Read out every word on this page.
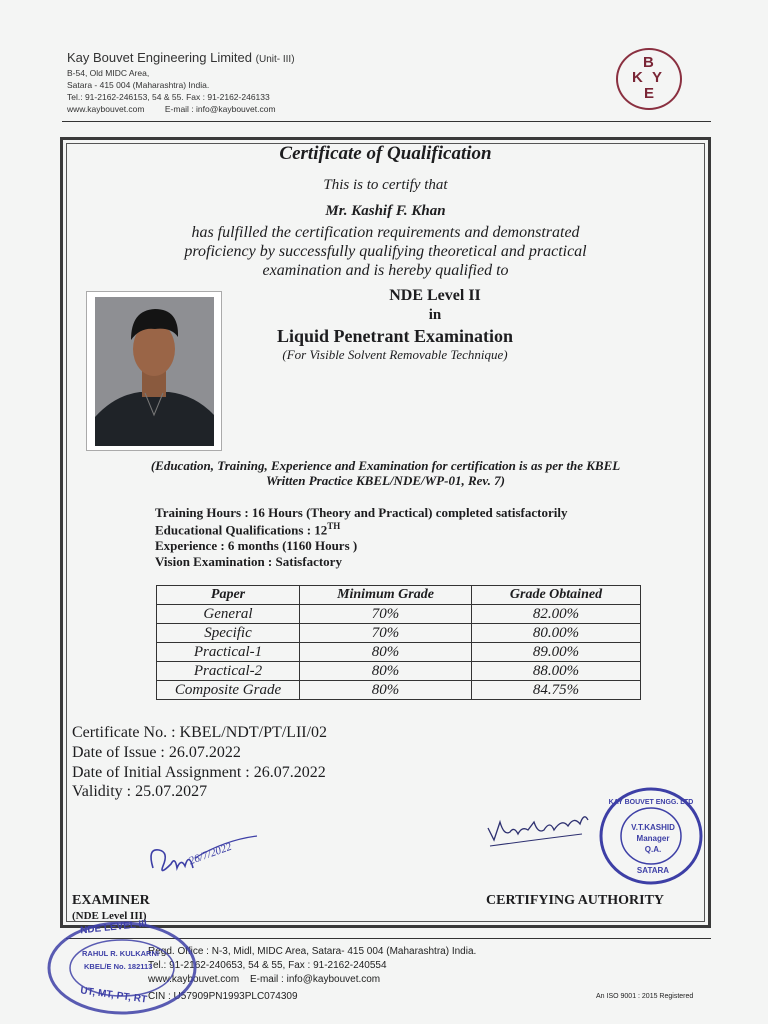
Kay Bouvet Engineering Limited (Unit- III)
B-54, Old MIDC Area,
Satara - 415 004 (Maharashtra) India.
Tel.: 91-2162-246153, 54 & 55. Fax : 91-2162-246133
www.kaybouvet.com E-mail : info@kaybouvet.com
B
K Y
E
Certificate of Qualification
This is to certify that
Mr. Kashif F. Khan
has fulfilled the certification requirements and demonstrated
proficiency by successfully qualifying theoretical and practical
examination and is hereby qualified to
NDE Level II
in
Liquid Penetrant Examination
(For Visible Solvent Removable Technique)
(Education, Training, Experience and Examination for certification is as per the KBEL
Written Practice KBEL/NDE/WP-01, Rev. 7)
Training Hours : 16 Hours (Theory and Practical) completed satisfactorily
Educational Qualifications : 12TH
Experience : 6 months (1160 Hours )
Vision Examination : Satisfactory
Paper	Minimum Grade	Grade Obtained
General	70%	82.00%
Specific	70%	80.00%
Practical-1	80%	89.00%
Practical-2	80%	88.00%
Composite Grade	80%	84.75%
Certificate No. : KBEL/NDT/PT/LII/02
Date of Issue : 26.07.2022
Date of Initial Assignment : 26.07.2022
Validity : 25.07.2027
26/7/2022
KAY BOUVET ENGG. LTD
V.T.KASHID
Manager
Q.A.
SATARA
EXAMINER
(NDE Level III)
CERTIFYING AUTHORITY
Regd. Office : N-3, Midl, MIDC Area, Satara- 415 004 (Maharashtra) India.
Tel.: 91-2162-240653, 54 & 55, Fax : 91-2162-240554
www.kaybouvet.com E-mail : info@kaybouvet.com
CIN : U57909PN1993PLC074309	An ISO 9001 : 2015 Registered
NDE LEVEL III
RAHUL R. KULKARNI
KBEL/E No. 182113
UT, MT, PT, RT
